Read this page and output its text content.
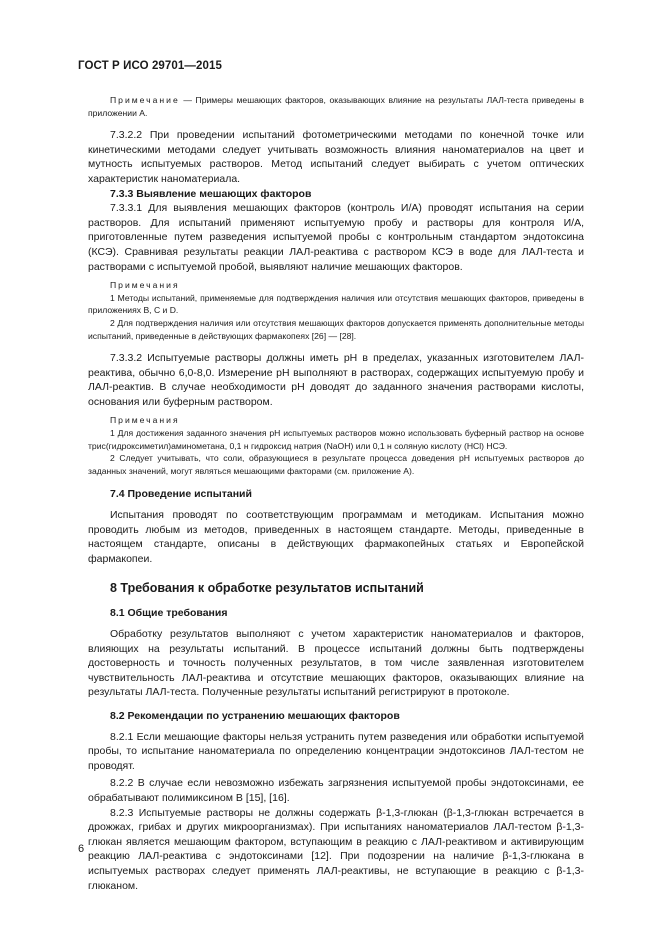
ГОСТ Р ИСО 29701—2015

Примечание — Примеры мешающих факторов, оказывающих влияние на результаты ЛАЛ-теста приведены в приложении А.

7.3.2.2 При проведении испытаний фотометрическими методами по конечной точке или кинетическими методами следует учитывать возможность влияния наноматериалов на цвет и мутность испытуемых растворов. Метод испытаний следует выбирать с учетом оптических характеристик наноматериала.

7.3.3 Выявление мешающих факторов

7.3.3.1 Для выявления мешающих факторов (контроль И/А) проводят испытания на серии растворов. Для испытаний применяют испытуемую пробу и растворы для контроля И/А, приготовленные путем разведения испытуемой пробы с контрольным стандартом эндотоксина (КСЭ). Сравнивая результаты реакции ЛАЛ-реактива с раствором КСЭ в воде для ЛАЛ-теста и растворами с испытуемой пробой, выявляют наличие мешающих факторов.

Примечания

1 Методы испытаний, применяемые для подтверждения наличия или отсутствия мешающих факторов, приведены в приложениях B, C и D.

2 Для подтверждения наличия или отсутствия мешающих факторов допускается применять дополнительные методы испытаний, приведенные в действующих фармакопеях [26] — [28].

7.3.3.2 Испытуемые растворы должны иметь pH в пределах, указанных изготовителем ЛАЛ-реактива, обычно 6,0-8,0. Измерение pH выполняют в растворах, содержащих испытуемую пробу и ЛАЛ-реактив. В случае необходимости pH доводят до заданного значения растворами кислоты, основания или буферным раствором.

Примечания

1 Для достижения заданного значения pH испытуемых растворов можно использовать буферный раствор на основе трис(гидроксиметил)аминометана, 0,1 н гидроксид натрия (NaOH) или 0,1 н соляную кислоту (HCl) НСЭ.

2 Следует учитывать, что соли, образующиеся в результате процесса доведения pH испытуемых растворов до заданных значений, могут являться мешающими факторами (см. приложение А).

7.4 Проведение испытаний

Испытания проводят по соответствующим программам и методикам. Испытания можно проводить любым из методов, приведенных в настоящем стандарте. Методы, приведенные в настоящем стандарте, описаны в действующих фармакопейных статьях и Европейской фармакопеи.

8 Требования к обработке результатов испытаний

8.1 Общие требования

Обработку результатов выполняют с учетом характеристик наноматериалов и факторов, влияющих на результаты испытаний. В процессе испытаний должны быть подтверждены достоверность и точность полученных результатов, в том числе заявленная изготовителем чувствительность ЛАЛ-реактива и отсутствие мешающих факторов, оказывающих влияние на результаты ЛАЛ-теста. Полученные результаты испытаний регистрируют в протоколе.

8.2 Рекомендации по устранению мешающих факторов

8.2.1 Если мешающие факторы нельзя устранить путем разведения или обработки испытуемой пробы, то испытание наноматериала по определению концентрации эндотоксинов ЛАЛ-тестом не проводят.

8.2.2 В случае если невозможно избежать загрязнения испытуемой пробы эндотоксинами, ее обрабатывают полимиксином В [15], [16].

8.2.3 Испытуемые растворы не должны содержать β-1,3-глюкан (β-1,3-глюкан встречается в дрожжах, грибах и других микроорганизмах). При испытаниях наноматериалов ЛАЛ-тестом β-1,3-глюкан является мешающим фактором, вступающим в реакцию с ЛАЛ-реактивом и активирующим реакцию ЛАЛ-реактива с эндотоксинами [12]. При подозрении на наличие β-1,3-глюкана в испытуемых растворах следует применять ЛАЛ-реактивы, не вступающие в реакцию с β-1,3-глюканом.

6
